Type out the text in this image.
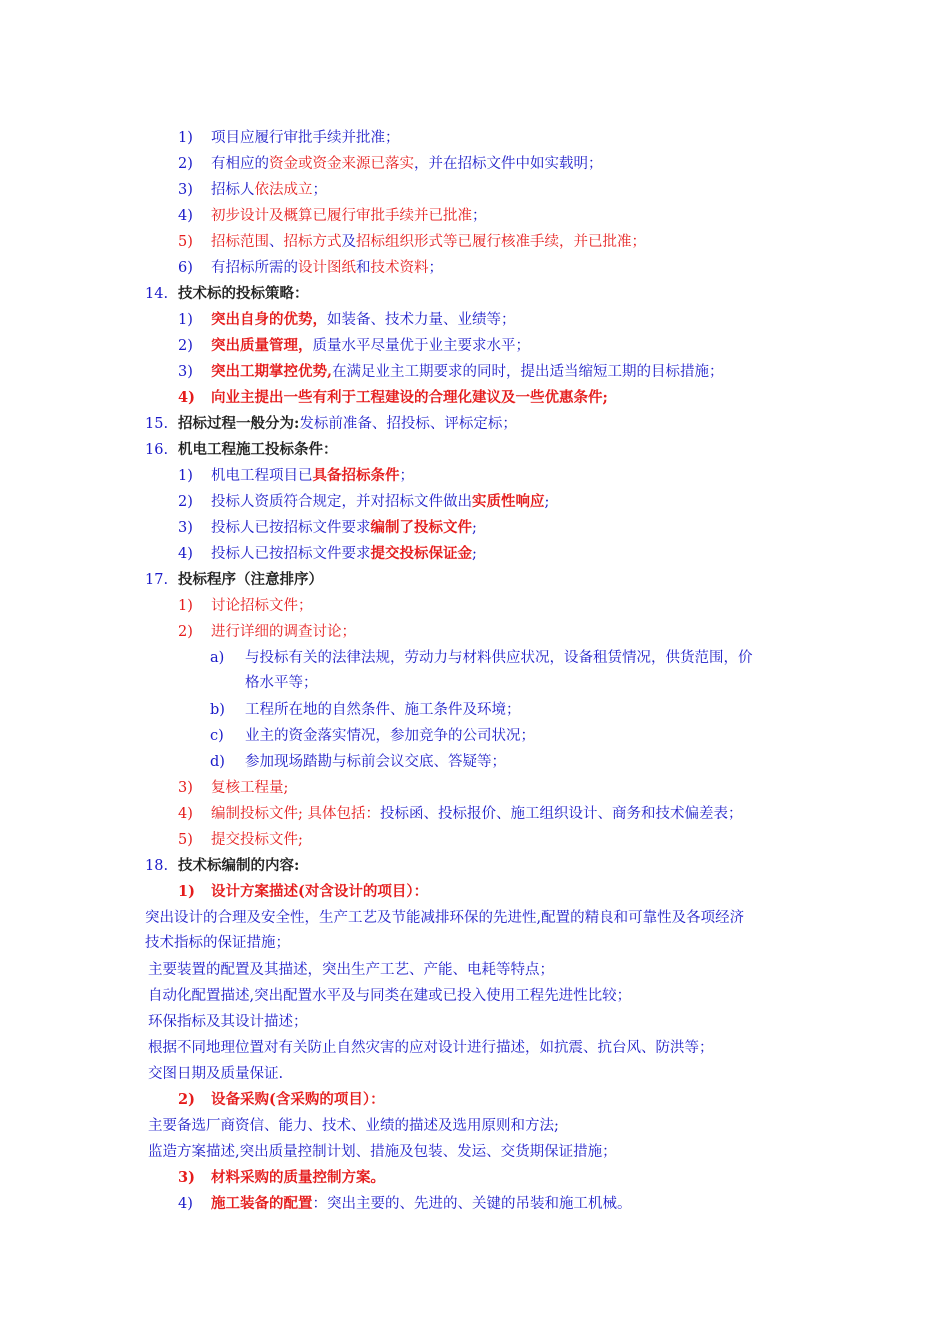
1) 项目应履行审批手续并批准；
2) 有相应的资金或资金来源已落实，并在招标文件中如实载明；
3) 招标人依法成立；
4) 初步设计及概算已履行审批手续并已批准；
5) 招标范围、招标方式及招标组织形式等已履行核准手续，并已批准；
6) 有招标所需的设计图纸和技术资料；
14. 技术标的投标策略：
1) 突出自身的优势，如装备、技术力量、业绩等；
2) 突出质量管理，质量水平尽量优于业主要求水平；
3) 突出工期掌控优势,在满足业主工期要求的同时，提出适当缩短工期的目标措施；
4) 向业主提出一些有利于工程建设的合理化建议及一些优惠条件;
15. 招标过程一般分为:发标前准备、招投标、评标定标；
16. 机电工程施工投标条件：
1) 机电工程项目已具备招标条件；
2) 投标人资质符合规定，并对招标文件做出实质性响应;
3) 投标人已按招标文件要求编制了投标文件;
4) 投标人已按招标文件要求提交投标保证金;
17. 投标程序（注意排序）
1) 讨论招标文件；
2) 进行详细的调查讨论；
a) 与投标有关的法律法规，劳动力与材料供应状况，设备租赁情况，供货范围，价
格水平等；
b) 工程所在地的自然条件、施工条件及环境；
c) 业主的资金落实情况，参加竞争的公司状况；
d) 参加现场踏勘与标前会议交底、答疑等；
3) 复核工程量;
4) 编制投标文件; 具体包括：投标函、投标报价、施工组织设计、商务和技术偏差表；
5) 提交投标文件;
18. 技术标编制的内容:
1) 设计方案描述(对含设计的项目）：
突出设计的合理及安全性，生产工艺及节能减排环保的先进性,配置的精良和可靠性及各项经济
技术指标的保证措施；
主要装置的配置及其描述，突出生产工艺、产能、电耗等特点；
自动化配置描述,突出配置水平及与同类在建或已投入使用工程先进性比较；
环保指标及其设计描述；
根据不同地理位置对有关防止自然灾害的应对设计进行描述，如抗震、抗台风、防洪等；
交图日期及质量保证.
2) 设备采购(含采购的项目）：
主要备选厂商资信、能力、技术、业绩的描述及选用原则和方法;
监造方案描述,突出质量控制计划、措施及包装、发运、交货期保证措施；
3) 材料采购的质量控制方案。
4) 施工装备的配置：突出主要的、先进的、关键的吊装和施工机械。
